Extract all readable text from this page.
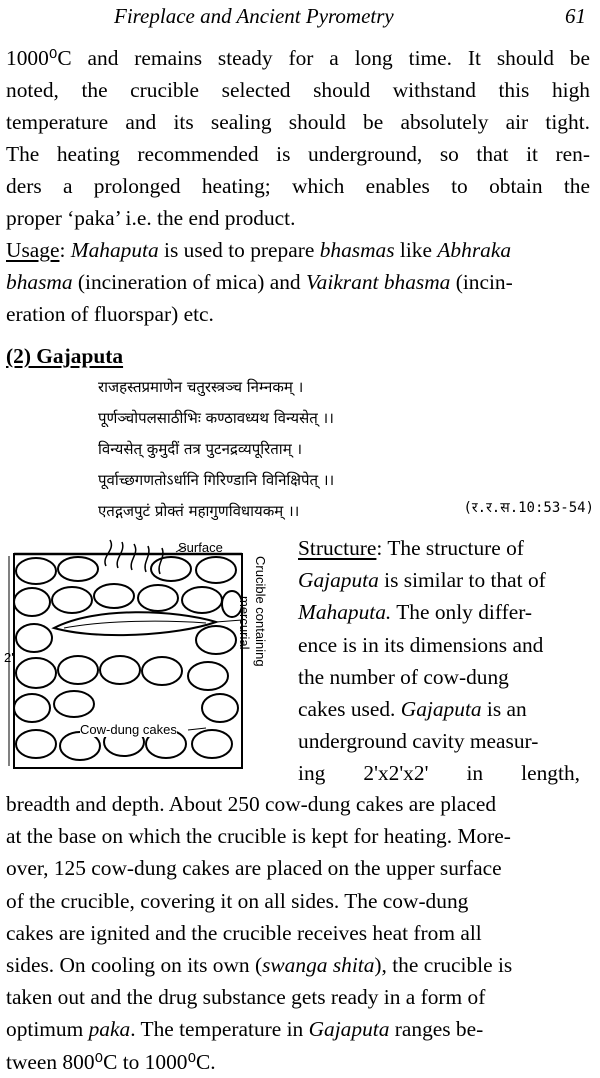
Fireplace and Ancient Pyrometry	61
1000⁰C and remains steady for a long time. It should be
noted, the crucible selected should withstand this high
temperature and its sealing should be absolutely air tight.
The heating recommended is underground, so that it ren-
ders a prolonged heating; which enables to obtain the
proper ‘paka’ i.e. the end product.
Usage: Mahaputa is used to prepare bhasmas like Abhraka
bhasma (incineration of mica) and Vaikrant bhasma (incin-
eration of fluorspar) etc.
(2) Gajaputa
राजहस्तप्रमाणेन चतुरस्त्रञ्च निम्नकम् ।
पूर्णञ्चोपलसाठीभिः कण्ठावध्यथ विन्यसेत् ।।
विन्यसेत् कुमुदीं तत्र पुटनद्रव्यपूरिताम् ।
पूर्वाच्छगणतोऽर्धानि गिरिण्डानि विनिक्षिपेत् ।।
एतद्गजपुटं प्रोक्तं महागुणविधायकम् ।।	(र.र.स.10:53-54)
Surface
Cow-dung cakes
2'	Crucible containing
mercurial
Structure: The structure of
Gajaputa is similar to that of
Mahaputa. The only differ-
ence is in its dimensions and
the number of cow-dung
cakes used. Gajaputa is an
underground cavity measur-
ing 2'x2'x2' in length,
breadth and depth. About 250 cow-dung cakes are placed
at the base on which the crucible is kept for heating. More-
over, 125 cow-dung cakes are placed on the upper surface
of the crucible, covering it on all sides. The cow-dung
cakes are ignited and the crucible receives heat from all
sides. On cooling on its own (swanga shita), the crucible is
taken out and the drug substance gets ready in a form of
optimum paka. The temperature in Gajaputa ranges be-
tween 800⁰C to 1000⁰C.
